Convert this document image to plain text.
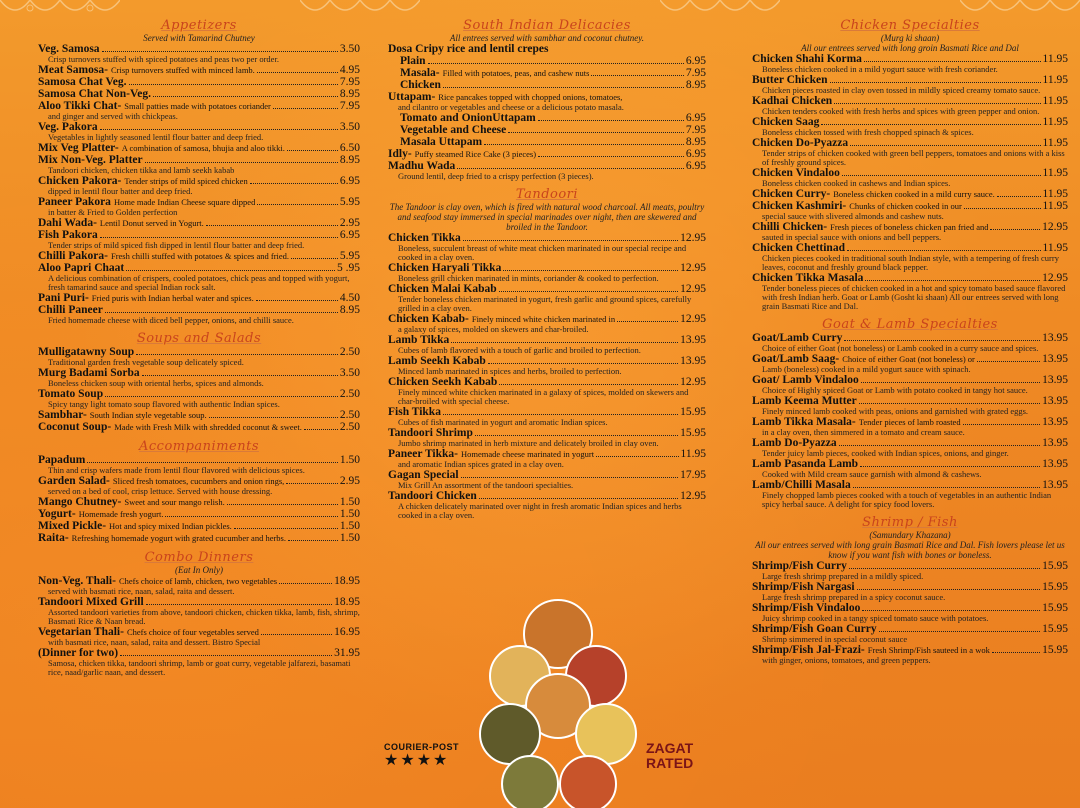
Appetizers
Served with Tamarind Chutney
Veg. Samosa	3.50
Crisp turnovers stuffed with spiced potatoes and peas two per order.
Meat Samosa- Crisp turnovers stuffed with minced lamb.	4.95
Samosa Chat Veg.	7.95
Samosa Chat Non-Veg.	8.95
Aloo Tikki Chat- Small patties made with potatoes coriander	7.95
and ginger and served with chickpeas.
Veg. Pakora	3.50
Vegetables in lightly seasoned lentil flour batter and deep fried.
Mix Veg Platter- A combination of samosa, bhujia and aloo tikki.	6.50
Mix Non-Veg. Platter	8.95
Tandoori chicken, chicken tikka and lamb seekh kabab
Chicken Pakora- Tender strips of mild spiced chicken	6.95
dipped in lentil flour batter and deep fried.
Paneer Pakora Home made Indian Cheese square dipped	5.95
in batter & Fried to Golden perfection
Dahi Wada- Lentil Donut served in Yogurt.	2.95
Fish Pakora	6.95
Tender strips of mild spiced fish dipped in lentil flour batter and deep fried.
Chilli Pakora- Fresh chilli stuffed with potatoes & spices and fried.	5.95
Aloo Papri Chaat	5 .95
A delicious combination of crispers, cooled potatoes, chick peas and topped with yogurt, fresh tamarind sauce and special Indian rock salt.
Pani Puri- Fried puris with Indian herbal water and spices.	4.50
Chilli Paneer	8.95
Fried homemade cheese with diced bell pepper, onions, and chilli sauce.
Soups and Salads
Mulligatawny Soup	2.50
Traditional garden fresh vegetable soup delicately spiced.
Murg Badami Sorba	3.50
Boneless chicken soup with oriental herbs, spices and almonds.
Tomato Soup	2.50
Spicy tangy light tomato soup flavored with authentic Indian spices.
Sambhar- South Indian style vegetable soup.	2.50
Coconut Soup- Made with Fresh Milk with shredded coconut & sweet.	2.50
Accompaniments
Papadum	1.50
Thin and crisp wafers made from lentil flour flavored with delicious spices.
Garden Salad- Sliced fresh tomatoes, cucumbers and onion rings,	2.95
served on a bed of cool, crisp lettuce. Served with house dressing.
Mango Chutney- Sweet and sour mango relish.	1.50
Yogurt- Homemade fresh yogurt.	1.50
Mixed Pickle- Hot and spicy mixed Indian pickles.	1.50
Raita- Refreshing homemade yogurt with grated cucumber and herbs.	1.50
Combo Dinners
(Eat In Only)
Non-Veg. Thali- Chefs choice of lamb, chicken, two vegetables	18.95
served with basmati rice, naan, salad, raita and dessert.
Tandoori Mixed Grill	18.95
Assorted tandoori varieties from above, tandoori chicken, chicken tikka, lamb, fish, shrimp, Basmati Rice & Naan bread.
Vegetarian Thali- Chefs choice of four vegetables served	16.95
with basmati rice, naan, salad, raita and dessert. Bistro Special
(Dinner for two)	31.95
Samosa, chicken tikka, tandoori shrimp, lamb or goat curry, vegetable jalfarezi, basamati rice, naad/garlic naan, and dessert.
South Indian Delicacies
All entrees served with sambhar and coconut chutney.
Dosa Cripy rice and lentil crepes
Plain	6.95
Masala- Filled with potatoes, peas, and cashew nuts	7.95
Chicken	8.95
Uttapam- Rice pancakes topped with chopped onions, tomatoes,
and cilantro or vegetables and cheese or a delicious potato masala.
Tomato and OnionUttapam	6.95
Vegetable and Cheese	7.95
Masala Uttapam	8.95
Idly- Puffy steamed Rice Cake (3 pieces)	6.95
Madhu Wada	6.95
Ground lentil, deep fried to a crispy perfection (3 pieces).
Tandoori
The Tandoor is clay oven, which is fired with natural wood charcoal. All meats, poultry and seafood stay immersed in special marinades over night, then are skewered and broiled in the Tandoor.
Chicken Tikka	12.95
Boneless, succulent breast of white meat chicken marinated in our special recipe and cooked in a clay oven.
Chicken Haryali Tikka	12.95
Boneless grill chicken marinated in mints, coriander & cooked to perfection.
Chicken Malai Kabab	12.95
Tender boneless chicken marinated in yogurt, fresh garlic and ground spices, carefully grilled in a clay oven.
Chicken Kabab- Finely minced white chicken marinated in	12.95
a galaxy of spices, molded on skewers and char-broiled.
Lamb Tikka	13.95
Cubes of lamb flavored with a touch of garlic and broiled to perfection.
Lamb Seekh Kabab	13.95
Minced lamb marinated in spices and herbs, broiled to perfection.
Chicken Seekh Kabab	12.95
Finely minced white chicken marinated in a galaxy of spices, molded on skewers and char-broiled with special cheese.
Fish Tikka	15.95
Cubes of fish marinated in yogurt and aromatic Indian spices.
Tandoori Shrimp	15.95
Jumbo shrimp marinated in herb mixture and delicately broiled in clay oven.
Paneer Tikka- Homemade cheese marinated in yogurt	11.95
and aromatic Indian spices grated in a clay oven.
Gagan Special	17.95
Mix Grill An assortment of the tandoori specialties.
Tandoori Chicken	12.95
A chicken delicately marinated over night in fresh aromatic Indian spices and herbs cooked in a clay oven.
Chicken Specialties
(Murg ki shaan)
All our entrees served with long groin Basmati Rice and Dal
Chicken Shahi Korma	11.95
Boneless chicken cooked in a mild yogurt sauce with fresh coriander.
Butter Chicken	11.95
Chicken pieces roasted in clay oven tossed in mildly spiced creamy tomato sauce.
Kadhai Chicken	11.95
Chicken tenders cooked with fresh herbs and spices with green pepper and onion.
Chicken Saag	11.95
Boneless chicken tossed with fresh chopped spinach & spices.
Chicken Do-Pyazza	11.95
Tender strips of chicken cooked with green bell peppers, tomatoes and onions with a kiss of freshly ground spices.
Chicken Vindaloo	11.95
Boneless chicken cooked in cashews and Indian spices.
Chicken Curry- Boneless chicken cooked in a mild curry sauce.	11.95
Chicken Kashmiri- Chunks of chicken cooked in our	11.95
special sauce with slivered almonds and cashew nuts.
Chilli Chicken- Fresh pieces of boneless chicken pan fried and	12.95
sauted in special sauce with onions and bell peppers.
Chicken Chettinad	11.95
Chicken pieces cooked in traditional south Indian style, with a tempering of fresh curry leaves, coconut and freshly ground black pepper.
Chicken Tikka Masala	12.95
Tender boneless pieces of chicken cooked in a hot and spicy tomato based sauce flavored with fresh Indian herb. Goat or Lamb (Gosht ki shaan) All our entrees served with long grain Basmati Rice and Dal.
Goat & Lamb Specialties
Goat/Lamb Curry	13.95
Choice of either Goat (not boneless) or Lamb cooked in a curry sauce and spices.
Goat/Lamb Saag- Choice of either Goat (not boneless) or	13.95
Lamb (boneless) cooked in a mild yogurt sauce with spinach.
Goat/ Lamb Vindaloo	13.95
Choice of Highly spiced Goat or Lamb with potato cooked in tangy hot sauce.
Lamb Keema Mutter	13.95
Finely minced lamb cooked with peas, onions and garnished with grated eggs.
Lamb Tikka Masala- Tender pieces of lamb roasted	13.95
in a clay oven, then simmered in a tomato and cream sauce.
Lamb Do-Pyazza	13.95
Tender juicy lamb pieces, cooked with Indian spices, onions, and ginger.
Lamb Pasanda Lamb	13.95
Cooked with Mild cream sauce garnish with almond & cashews.
Lamb/Chilli Masala	13.95
Finely chopped lamb pieces cooked with a touch of vegetables in an authentic Indian spicy herbal sauce. A delight for spicy food lovers.
Shrimp / Fish
(Samundary Khazana)
All our entrees served with long grain Basmati Rice and Dal. Fish lovers please let us know if you want fish with bones or boneless.
Shrimp/Fish Curry	15.95
Large fresh shrimp prepared in a mildly spiced.
Shrimp/Fish Nargasi	15.95
Large fresh shrimp prepared in a spicy coconut sauce.
Shrimp/Fish Vindaloo	15.95
Juicy shrimp cooked in a tangy spiced tomato sauce with potatoes.
Shrimp/Fish Goan Curry	15.95
Shrimp simmered in special coconut sauce
Shrimp/Fish Jal-Frazi- Fresh Shrimp/Fish sauteed in a wok	15.95
with ginger, onions, tomatoes, and green peppers.
COURIER-POST
★★★★
ZAGAT
RATED
